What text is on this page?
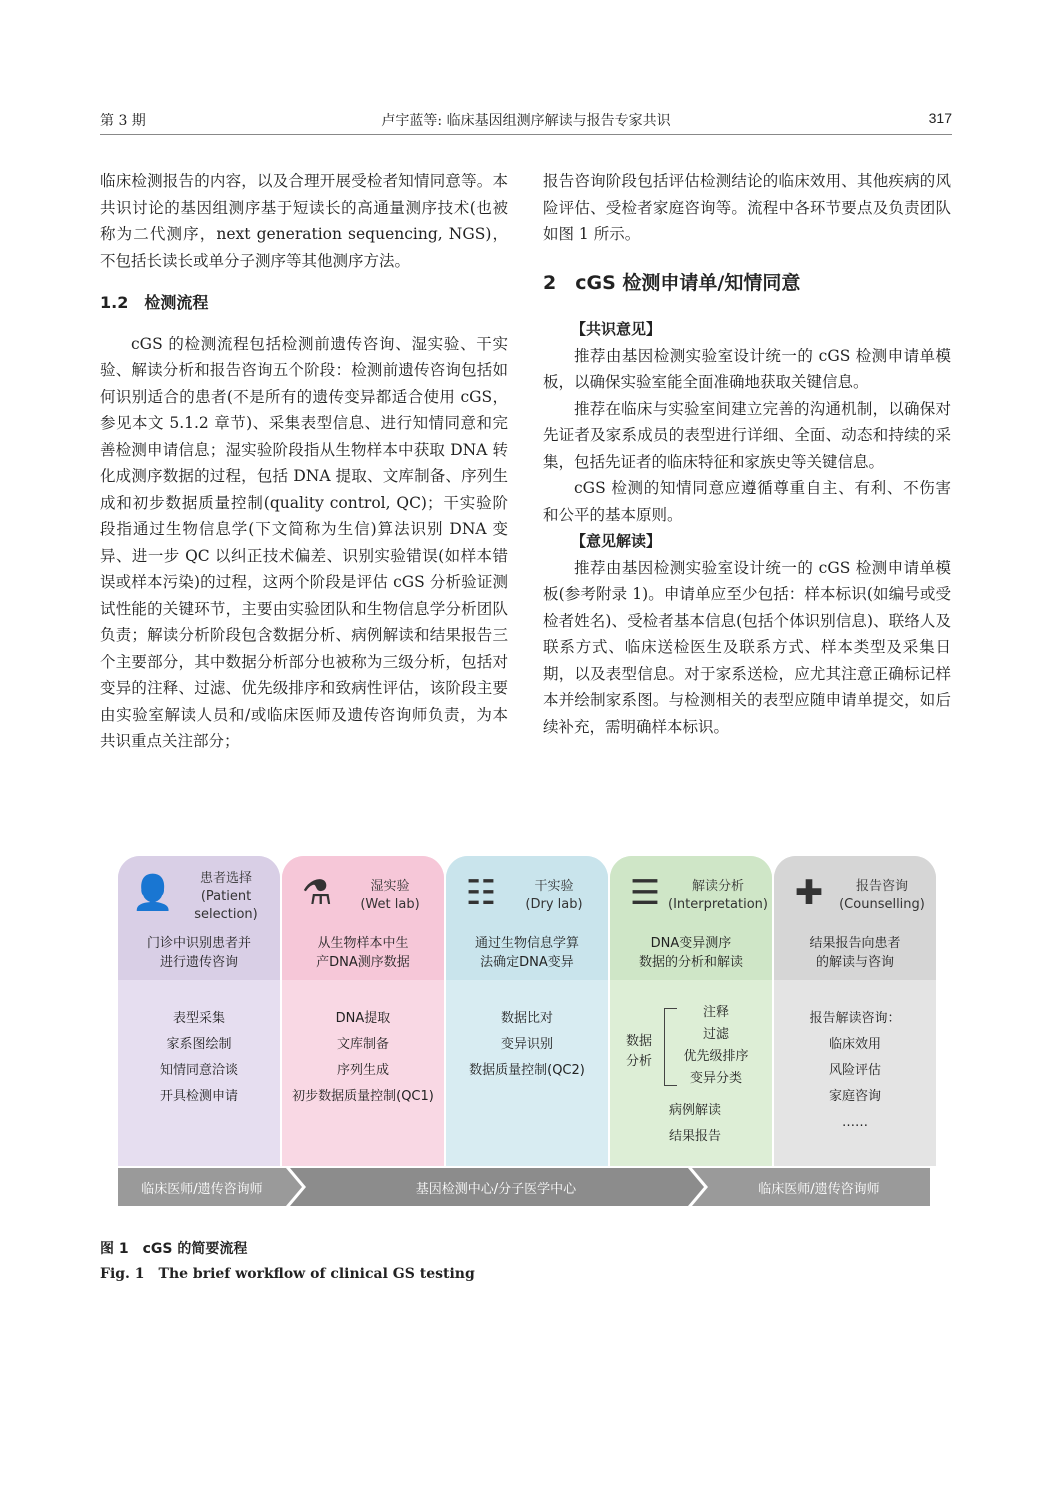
第 3 期	卢宇蓝等: 临床基因组测序解读与报告专家共识	317

临床检测报告的内容，以及合理开展受检者知情同意等。本共识讨论的基因组测序基于短读长的高通量测序技术(也被称为二代测序，next generation sequencing, NGS)，不包括长读长或单分子测序等其他测序方法。

1.2　检测流程

cGS 的检测流程包括检测前遗传咨询、湿实验、干实验、解读分析和报告咨询五个阶段：检测前遗传咨询包括如何识别适合的患者(不是所有的遗传变异都适合使用 cGS，参见本文 5.1.2 章节)、采集表型信息、进行知情同意和完善检测申请信息；湿实验阶段指从生物样本中获取 DNA 转化成测序数据的过程，包括 DNA 提取、文库制备、序列生成和初步数据质量控制(quality control, QC)；干实验阶段指通过生物信息学(下文简称为生信)算法识别 DNA 变异、进一步 QC 以纠正技术偏差、识别实验错误(如样本错误或样本污染)的过程，这两个阶段是评估 cGS 分析验证测试性能的关键环节，主要由实验团队和生物信息学分析团队负责；解读分析阶段包含数据分析、病例解读和结果报告三个主要部分，其中数据分析部分也被称为三级分析，包括对变异的注释、过滤、优先级排序和致病性评估，该阶段主要由实验室解读人员和/或临床医师及遗传咨询师负责，为本共识重点关注部分；

报告咨询阶段包括评估检测结论的临床效用、其他疾病的风险评估、受检者家庭咨询等。流程中各环节要点及负责团队如图 1 所示。

2　cGS 检测申请单/知情同意

【共识意见】

推荐由基因检测实验室设计统一的 cGS 检测申请单模板，以确保实验室能全面准确地获取关键信息。

推荐在临床与实验室间建立完善的沟通机制，以确保对先证者及家系成员的表型进行详细、全面、动态和持续的采集，包括先证者的临床特征和家族史等关键信息。

cGS 检测的知情同意应遵循尊重自主、有利、不伤害和公平的基本原则。

【意见解读】

推荐由基因检测实验室设计统一的 cGS 检测申请单模板(参考附录 1)。申请单应至少包括：样本标识(如编号或受检者姓名)、受检者基本信息(包括个体识别信息)、联络人及联系方式、临床送检医生及联系方式、样本类型及采集日期，以及表型信息。对于家系送检，应尤其注意正确标记样本并绘制家系图。与检测相关的表型应随申请单提交，如后续补充，需明确样本标识。

👤	患者选择
(Patient
selection)
门诊中识别患者并
进行遗传咨询
表型采集
家系图绘制
知情同意洽谈
开具检测申请
⚗	湿实验
(Wet lab)
从生物样本中生
产DNA测序数据
DNA提取
文库制备
序列生成
初步数据质量控制(QC1)
☷	干实验
(Dry lab)
通过生物信息学算
法确定DNA变异
数据比对
变异识别
数据质量控制(QC2)
☰	解读分析
(Interpretation)
DNA变异测序
数据的分析和解读
数据
分析
注释
过滤
优先级排序
变异分类
病例解读
结果报告
✚	报告咨询
(Counselling)
结果报告向患者
的解读与咨询
报告解读咨询：
临床效用
风险评估
家庭咨询
……
临床医师/遗传咨询师	基因检测中心/分子医学中心	临床医师/遗传咨询师
图 1　cGS 的简要流程
Fig. 1　The brief workflow of clinical GS testing
